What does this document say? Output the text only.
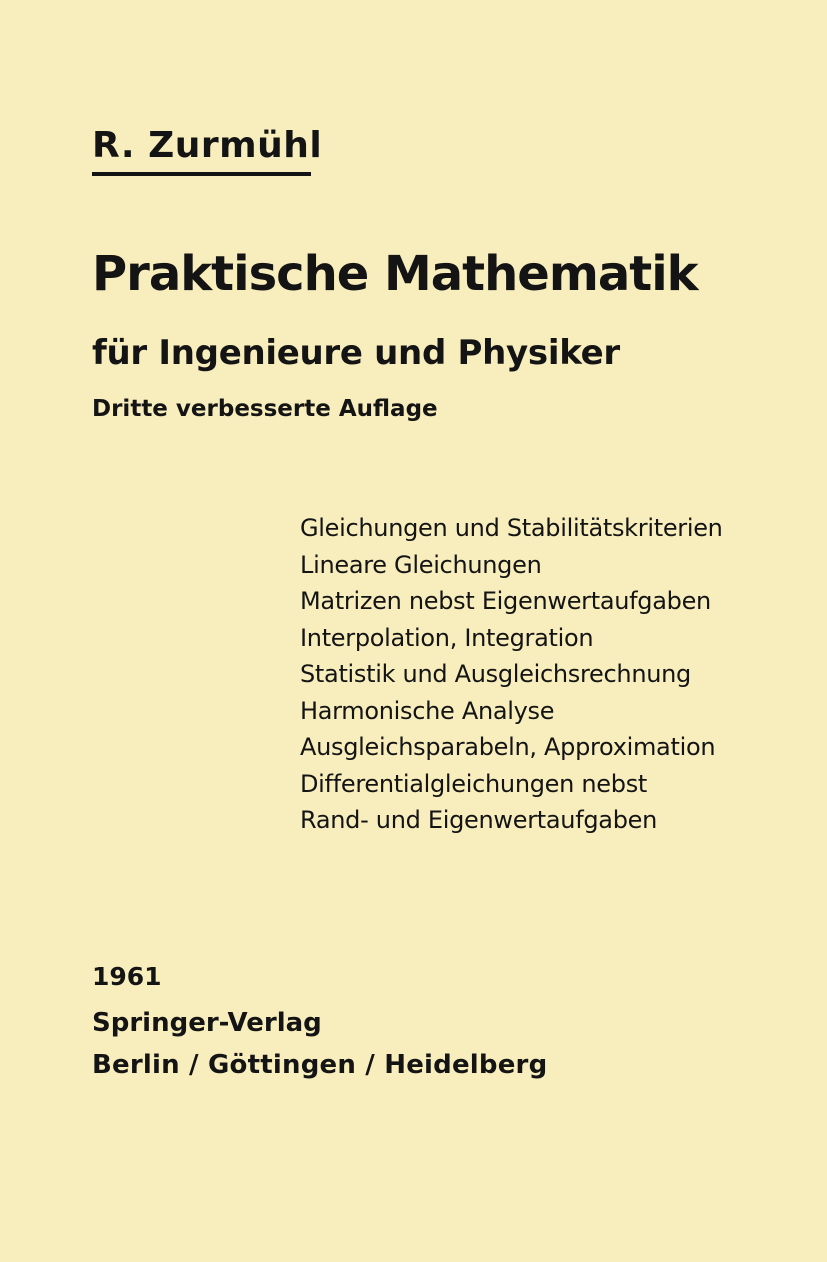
R. Zurmühl
Praktische Mathematik
für Ingenieure und Physiker
Dritte verbesserte Auflage
Gleichungen und Stabilitätskriterien
Lineare Gleichungen
Matrizen nebst Eigenwertaufgaben
Interpolation, Integration
Statistik und Ausgleichsrechnung
Harmonische Analyse
Ausgleichsparabeln, Approximation
Differentialgleichungen nebst
Rand- und Eigenwertaufgaben
1961
Springer-Verlag
Berlin / Göttingen / Heidelberg
